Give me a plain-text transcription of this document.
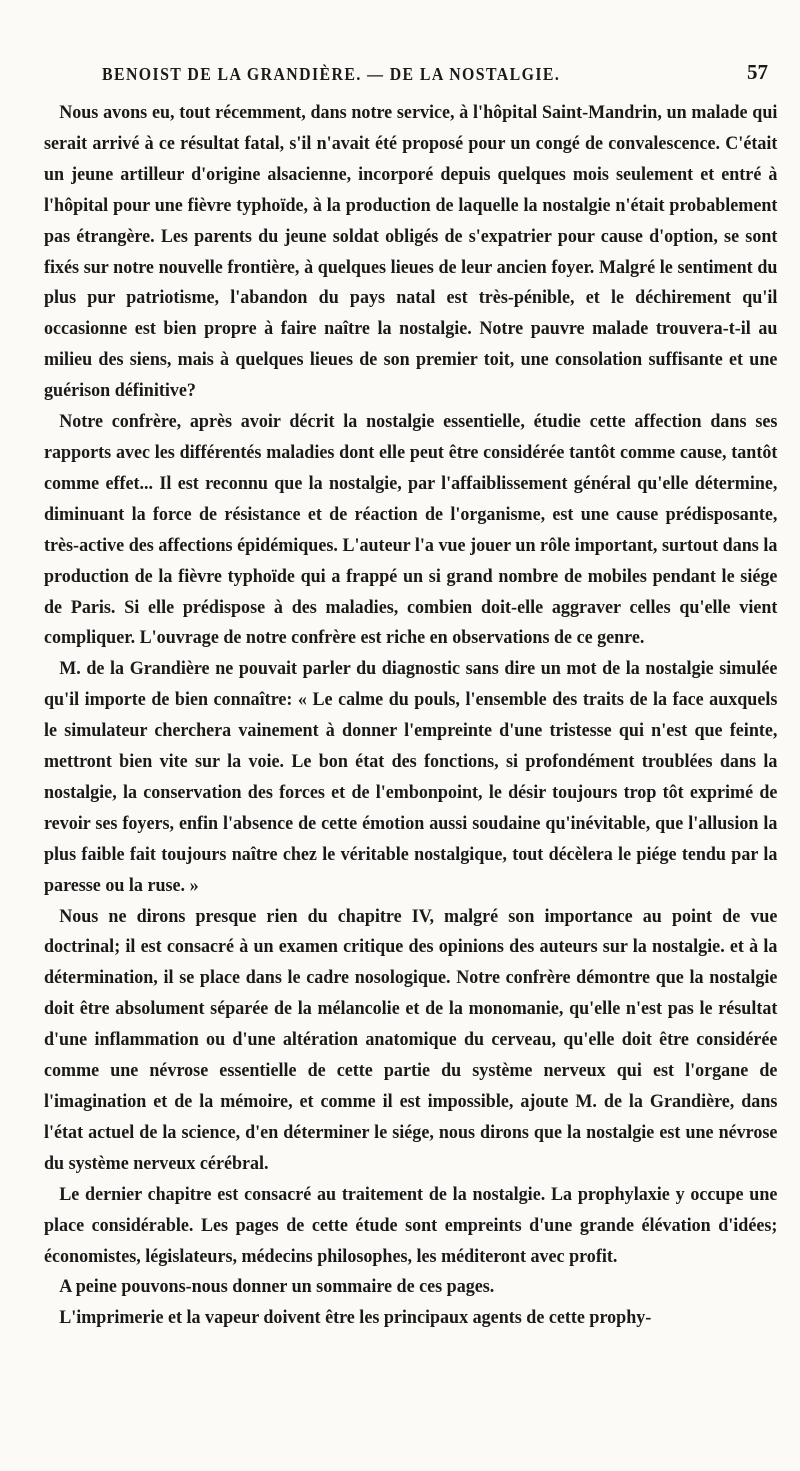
BENOIST DE LA GRANDIÈRE. — DE LA NOSTALGIE.	57

Nous avons eu, tout récemment, dans notre service, à l'hôpital Saint-Mandrin, un malade qui serait arrivé à ce résultat fatal, s'il n'avait été proposé pour un congé de convalescence. C'était un jeune artilleur d'origine alsacienne, incorporé depuis quelques mois seulement et entré à l'hôpital pour une fièvre typhoïde, à la production de laquelle la nostalgie n'était probablement pas étrangère. Les parents du jeune soldat obligés de s'expatrier pour cause d'option, se sont fixés sur notre nouvelle frontière, à quelques lieues de leur ancien foyer. Malgré le sentiment du plus pur patriotisme, l'abandon du pays natal est très-pénible, et le déchirement qu'il occasionne est bien propre à faire naître la nostalgie. Notre pauvre malade trouvera-t-il au milieu des siens, mais à quelques lieues de son premier toit, une consolation suffisante et une guérison définitive?

Notre confrère, après avoir décrit la nostalgie essentielle, étudie cette affection dans ses rapports avec les différentés maladies dont elle peut être considérée tantôt comme cause, tantôt comme effet... Il est reconnu que la nostalgie, par l'affaiblissement général qu'elle détermine, diminuant la force de résistance et de réaction de l'organisme, est une cause prédisposante, très-active des affections épidémiques. L'auteur l'a vue jouer un rôle important, surtout dans la production de la fièvre typhoïde qui a frappé un si grand nombre de mobiles pendant le siége de Paris. Si elle prédispose à des maladies, combien doit-elle aggraver celles qu'elle vient compliquer. L'ouvrage de notre confrère est riche en observations de ce genre.

M. de la Grandière ne pouvait parler du diagnostic sans dire un mot de la nostalgie simulée qu'il importe de bien connaître: « Le calme du pouls, l'ensemble des traits de la face auxquels le simulateur cherchera vainement à donner l'empreinte d'une tristesse qui n'est que feinte, mettront bien vite sur la voie. Le bon état des fonctions, si profondément troublées dans la nostalgie, la conservation des forces et de l'embonpoint, le désir toujours trop tôt exprimé de revoir ses foyers, enfin l'absence de cette émotion aussi soudaine qu'inévitable, que l'allusion la plus faible fait toujours naître chez le véritable nostalgique, tout décèlera le piége tendu par la paresse ou la ruse. »

Nous ne dirons presque rien du chapitre IV, malgré son importance au point de vue doctrinal; il est consacré à un examen critique des opinions des auteurs sur la nostalgie. et à la détermination, il se place dans le cadre nosologique. Notre confrère démontre que la nostalgie doit être absolument séparée de la mélancolie et de la monomanie, qu'elle n'est pas le résultat d'une inflammation ou d'une altération anatomique du cerveau, qu'elle doit être considérée comme une névrose essentielle de cette partie du système nerveux qui est l'organe de l'imagination et de la mémoire, et comme il est impossible, ajoute M. de la Grandière, dans l'état actuel de la science, d'en déterminer le siége, nous dirons que la nostalgie est une névrose du système nerveux cérébral.

Le dernier chapitre est consacré au traitement de la nostalgie. La prophylaxie y occupe une place considérable. Les pages de cette étude sont empreints d'une grande élévation d'idées; économistes, législateurs, médecins philosophes, les méditeront avec profit.

A peine pouvons-nous donner un sommaire de ces pages.

L'imprimerie et la vapeur doivent être les principaux agents de cette prophy-
